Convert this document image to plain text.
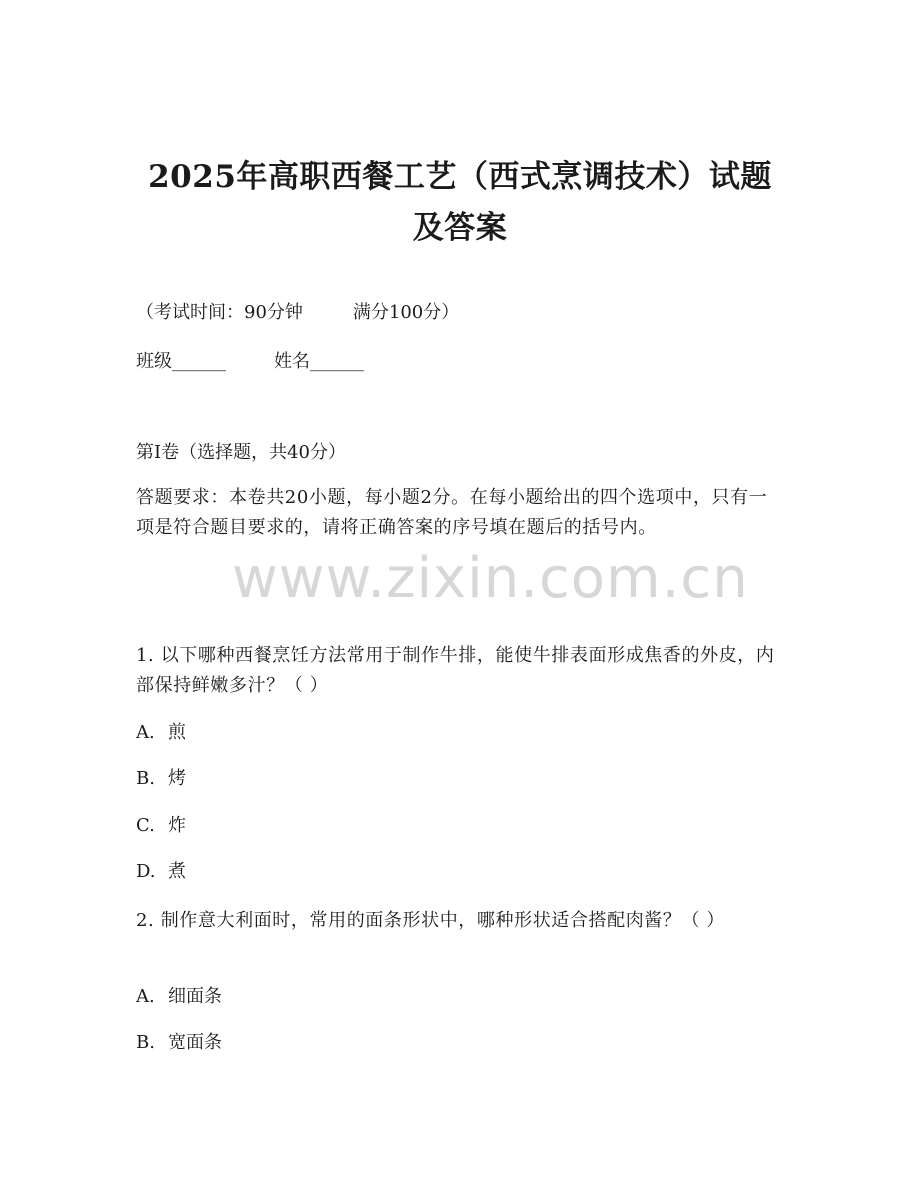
2025年高职西餐工艺（西式烹调技术）试题
及答案
（考试时间：90分钟	满分100分）
班级______	姓名______
第I卷（选择题，共40分）
答题要求：本卷共20小题，每小题2分。在每小题给出的四个选项中，只有一项是符合题目要求的，请将正确答案的序号填在题后的括号内。
www.zixin.com.cn
1. 以下哪种西餐烹饪方法常用于制作牛排，能使牛排表面形成焦香的外皮，内部保持鲜嫩多汁？（ ）
A. 煎
B. 烤
C. 炸
D. 煮
2. 制作意大利面时，常用的面条形状中，哪种形状适合搭配肉酱？（ ）
A. 细面条
B. 宽面条
